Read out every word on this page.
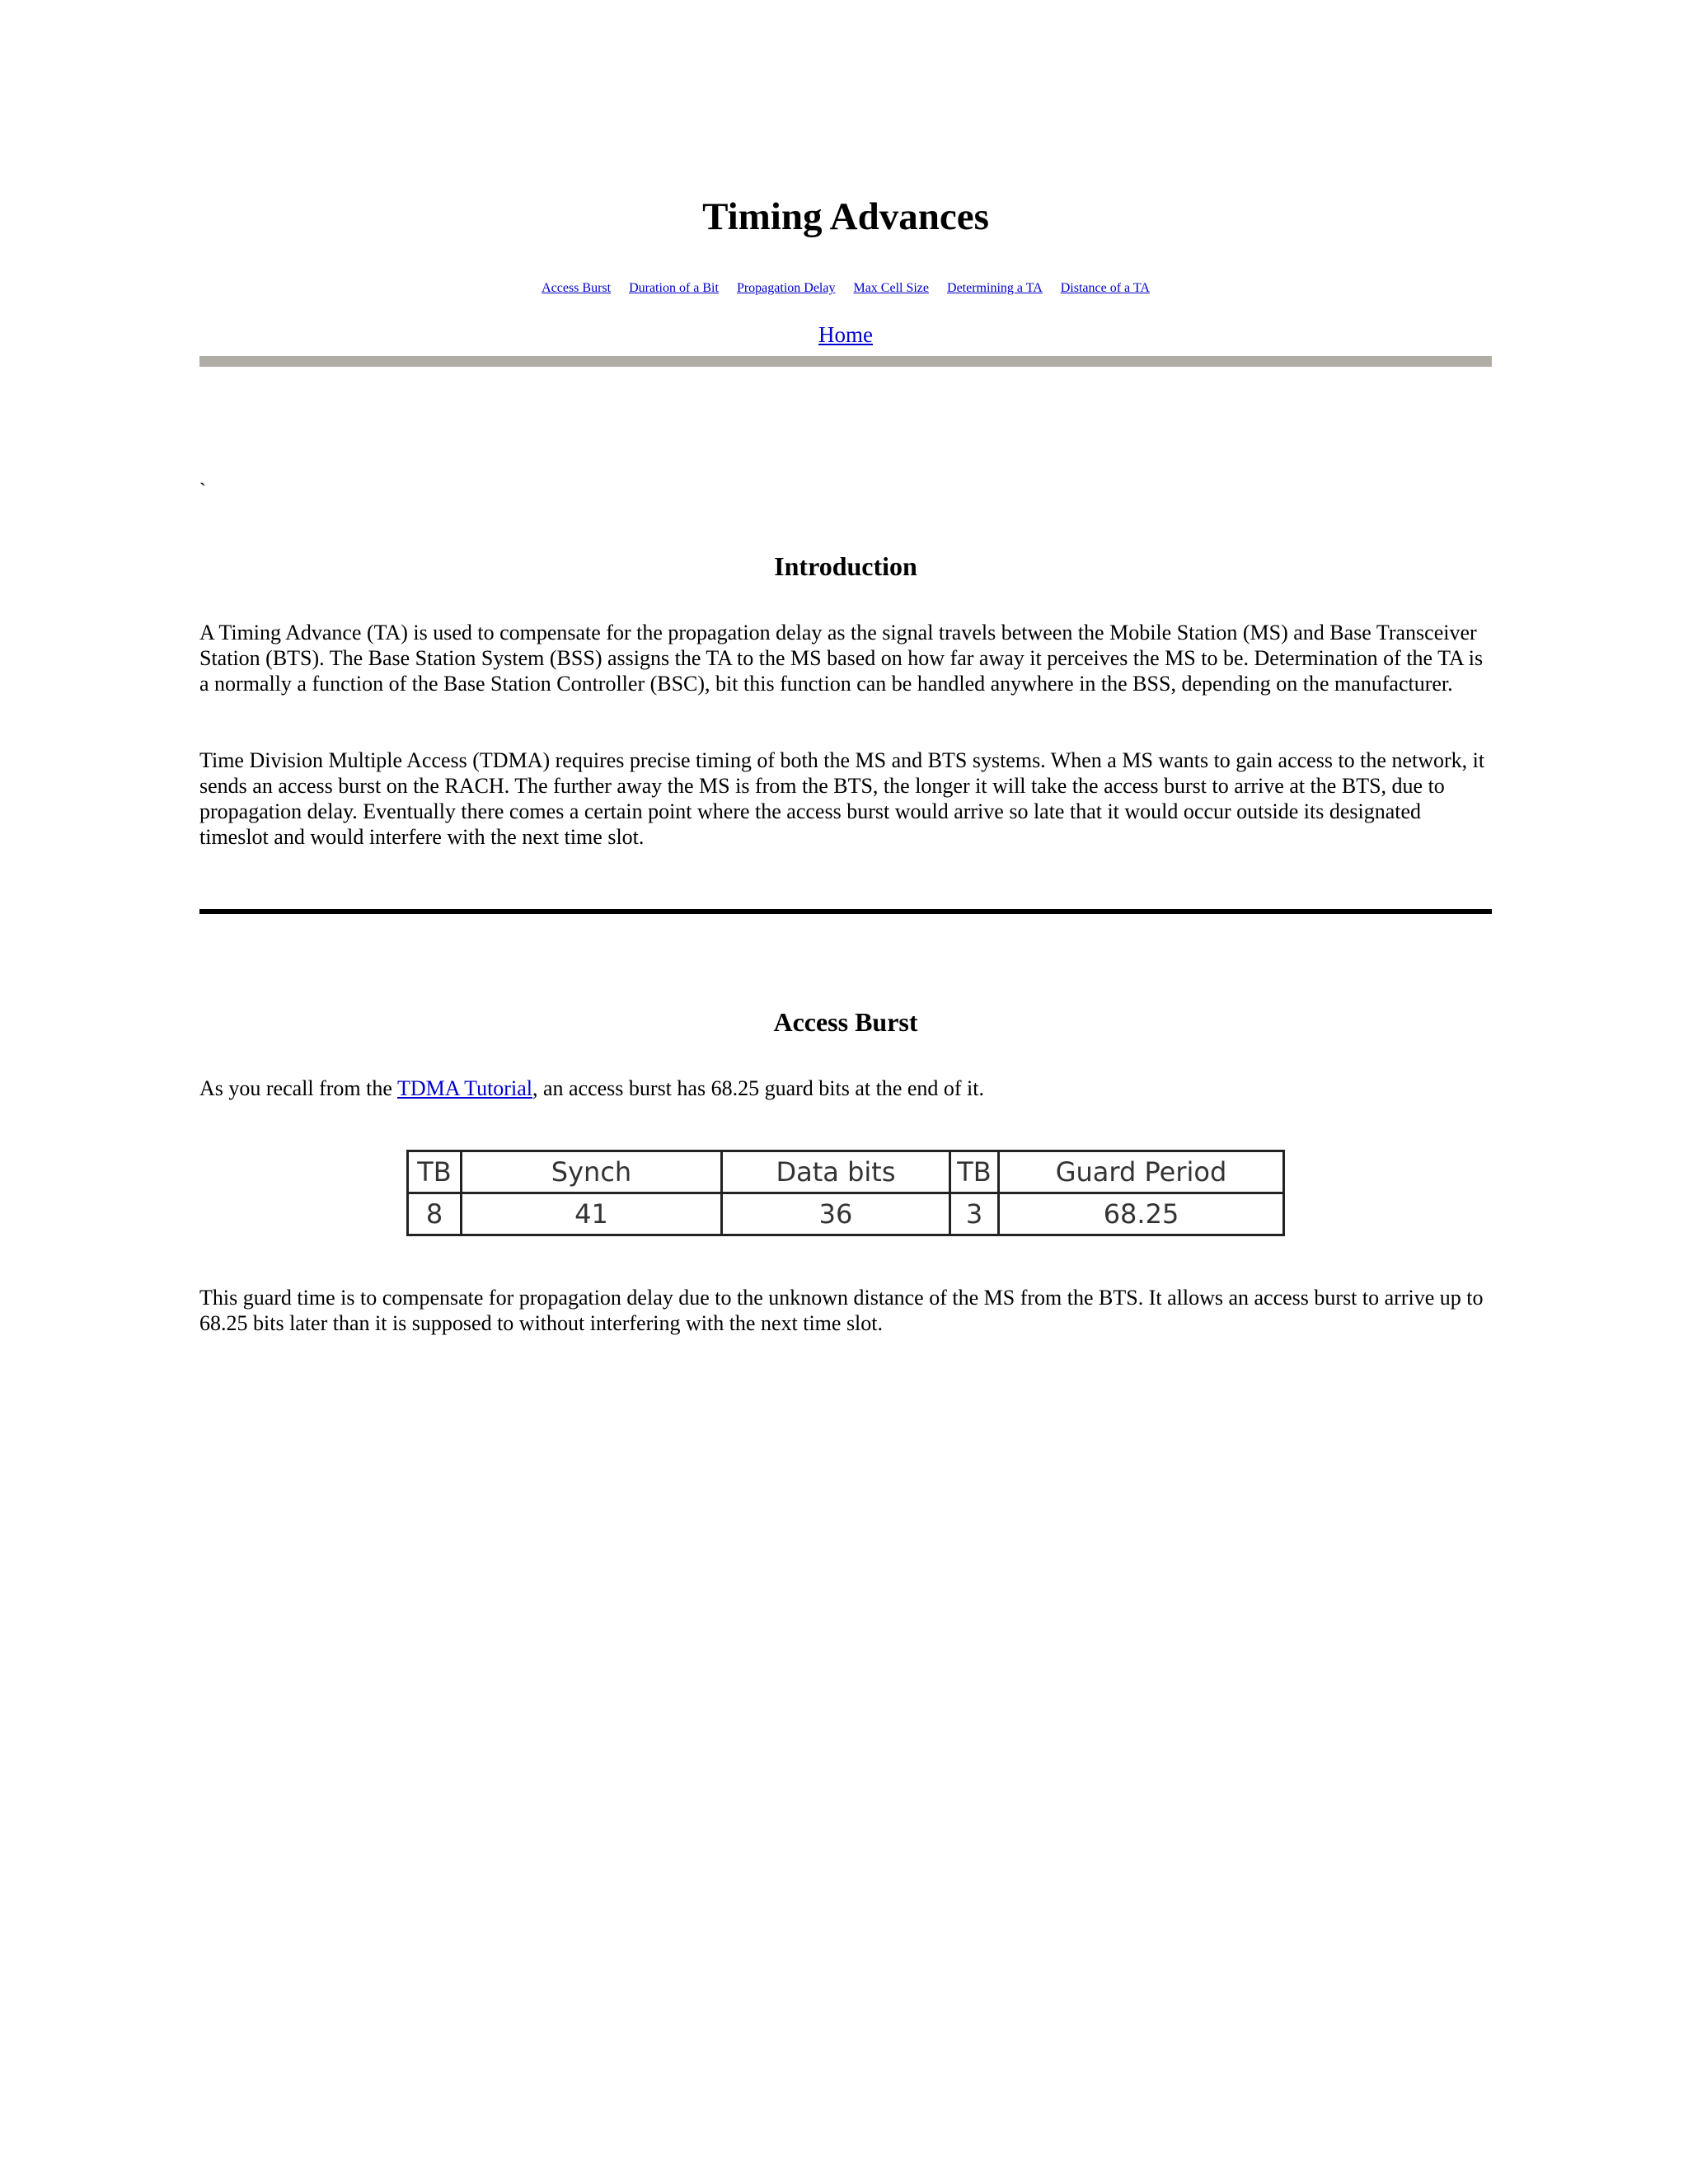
Timing Advances
Access Burst Duration of a Bit Propagation Delay Max Cell Size Determining a TA Distance of a TA
Home
`
Introduction

A Timing Advance (TA) is used to compensate for the propagation delay as the signal travels between the Mobile Station (MS) and Base Transceiver Station (BTS). The Base Station System (BSS) assigns the TA to the MS based on how far away it perceives the MS to be. Determination of the TA is a normally a function of the Base Station Controller (BSC), bit this function can be handled anywhere in the BSS, depending on the manufacturer.

Time Division Multiple Access (TDMA) requires precise timing of both the MS and BTS systems. When a MS wants to gain access to the network, it sends an access burst on the RACH. The further away the MS is from the BTS, the longer it will take the access burst to arrive at the BTS, due to propagation delay. Eventually there comes a certain point where the access burst would arrive so late that it would occur outside its designated timeslot and would interfere with the next time slot.

Access Burst

As you recall from the TDMA Tutorial, an access burst has 68.25 guard bits at the end of it.

TB	Synch	Data bits	TB	Guard Period
8	41	36	3	68.25

This guard time is to compensate for propagation delay due to the unknown distance of the MS from the BTS. It allows an access burst to arrive up to 68.25 bits later than it is supposed to without interfering with the next time slot.
